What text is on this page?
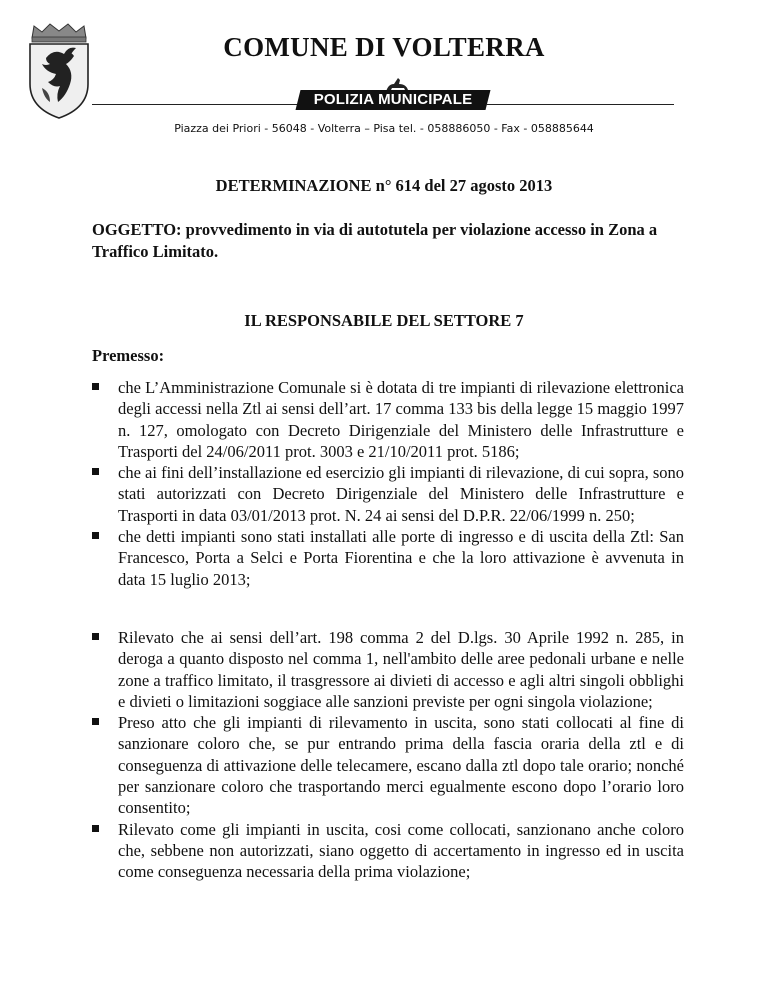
COMUNE DI VOLTERRA
POLIZIA MUNICIPALE
Piazza dei Priori - 56048 - Volterra – Pisa tel. - 058886050 - Fax - 058885644
DETERMINAZIONE n° 614 del 27 agosto 2013

OGGETTO: provvedimento in via di autotutela per violazione accesso in Zona a Traffico Limitato.

IL RESPONSABILE DEL SETTORE 7
Premesso:
che L’Amministrazione Comunale si è dotata di tre impianti di rilevazione elettronica degli accessi nella Ztl ai sensi dell’art. 17 comma 133 bis della legge 15 maggio 1997 n. 127, omologato con Decreto Dirigenziale del Ministero delle Infrastrutture e Trasporti del 24/06/2011 prot. 3003 e 21/10/2011 prot. 5186;
che ai fini dell’installazione ed esercizio gli impianti di rilevazione, di cui sopra, sono stati autorizzati con Decreto Dirigenziale del Ministero delle Infrastrutture e Trasporti in data 03/01/2013 prot. N. 24 ai sensi del D.P.R. 22/06/1999 n. 250;
che detti impianti sono stati installati alle porte di ingresso e di uscita della Ztl: San Francesco, Porta a Selci e Porta Fiorentina e che la loro attivazione è avvenuta in data 15 luglio 2013;
Rilevato che ai sensi dell’art. 198 comma 2 del D.lgs. 30 Aprile 1992 n. 285, in deroga a quanto disposto nel comma 1, nell'ambito delle aree pedonali urbane e nelle zone a traffico limitato, il trasgressore ai divieti di accesso e agli altri singoli obblighi e divieti o limitazioni soggiace alle sanzioni previste per ogni singola violazione;
Preso atto che gli impianti di rilevamento in uscita, sono stati collocati al fine di sanzionare coloro che, se pur entrando prima della fascia oraria della ztl e di conseguenza di attivazione delle telecamere, escano dalla ztl dopo tale orario; nonché per sanzionare coloro che trasportando merci egualmente escono dopo l’orario loro consentito;
Rilevato come gli impianti in uscita, cosi come collocati, sanzionano anche coloro che, sebbene non autorizzati, siano oggetto di accertamento in ingresso ed in uscita come conseguenza necessaria della prima violazione;
